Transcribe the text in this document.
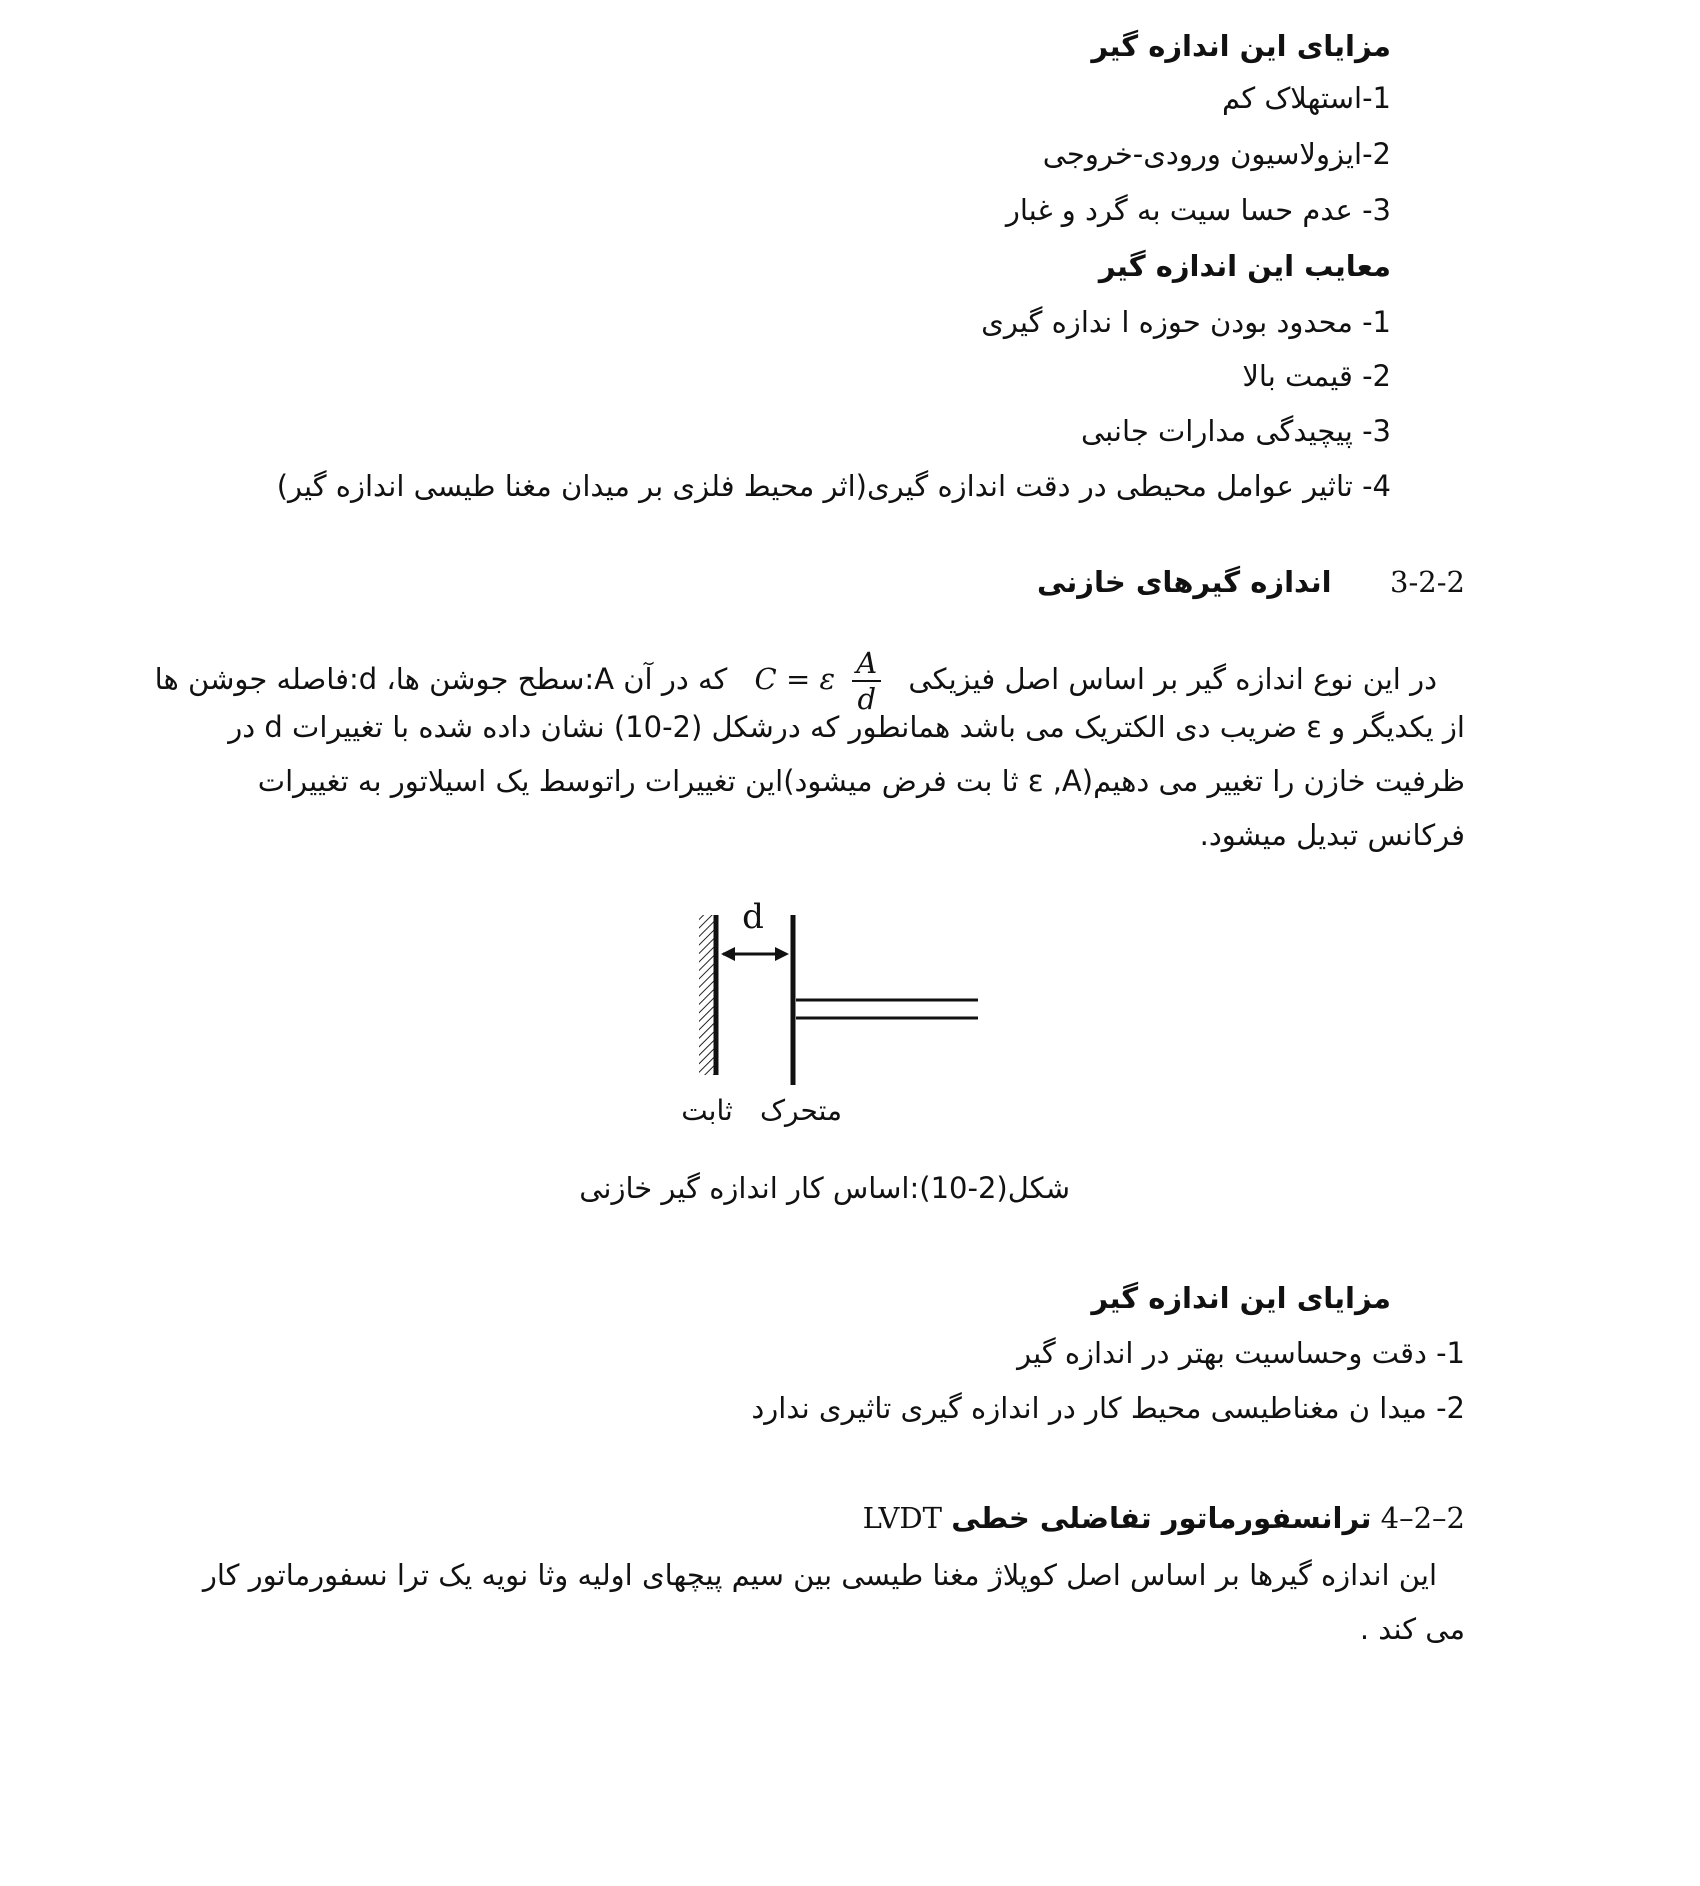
مزایای این اندازه گیر
1-استهلاک کم
2-ایزولاسیون ورودی-خروجی
3- عدم حسا سیت به گرد و غبار
معایب این اندازه گیر
1- محدود بودن حوزه ا ندازه گیری
2- قیمت بالا
3- پیچیدگی مدارات جانبی
4- تاثیر عوامل محیطی در دقت اندازه گیری(اثر محیط فلزی بر میدان مغنا طیسی اندازه گیر)
3-2-2  اندازه گیرهای خازنی
در این نوع اندازه گیر بر اساس اصل فیزیکی C = ε $\frac{A}{d}$
که در آن A:سطح جوشن ها، d:فاصله جوشن ها
از یکدیگر و ε ضریب دی الکتریک می باشد همانطور که درشکل (2-10) نشان داده شده با تغییرات d در
ظرفیت خازن را تغییر می دهیم(ε ,A ثا بت فرض میشود)این تغییرات راتوسط یک اسیلاتور به تغییرات
فرکانس تبدیل میشود.
d
ثابت متحرک
شکل(2-10):اساس کار اندازه گیر خازنی
مزایای این اندازه گیر
1- دقت وحساسیت بهتر در اندازه گیر
2- میدا ن مغناطیسی محیط کار در اندازه گیری تاثیری ندارد
2–2–4 ترانسفورماتور تفاضلی خطی LVDT
این اندازه گیرها بر اساس اصل کوپلاژ مغنا طیسی بین سیم پیچهای اولیه وثا نویه یک ترا نسفورماتور کار
می کند .
